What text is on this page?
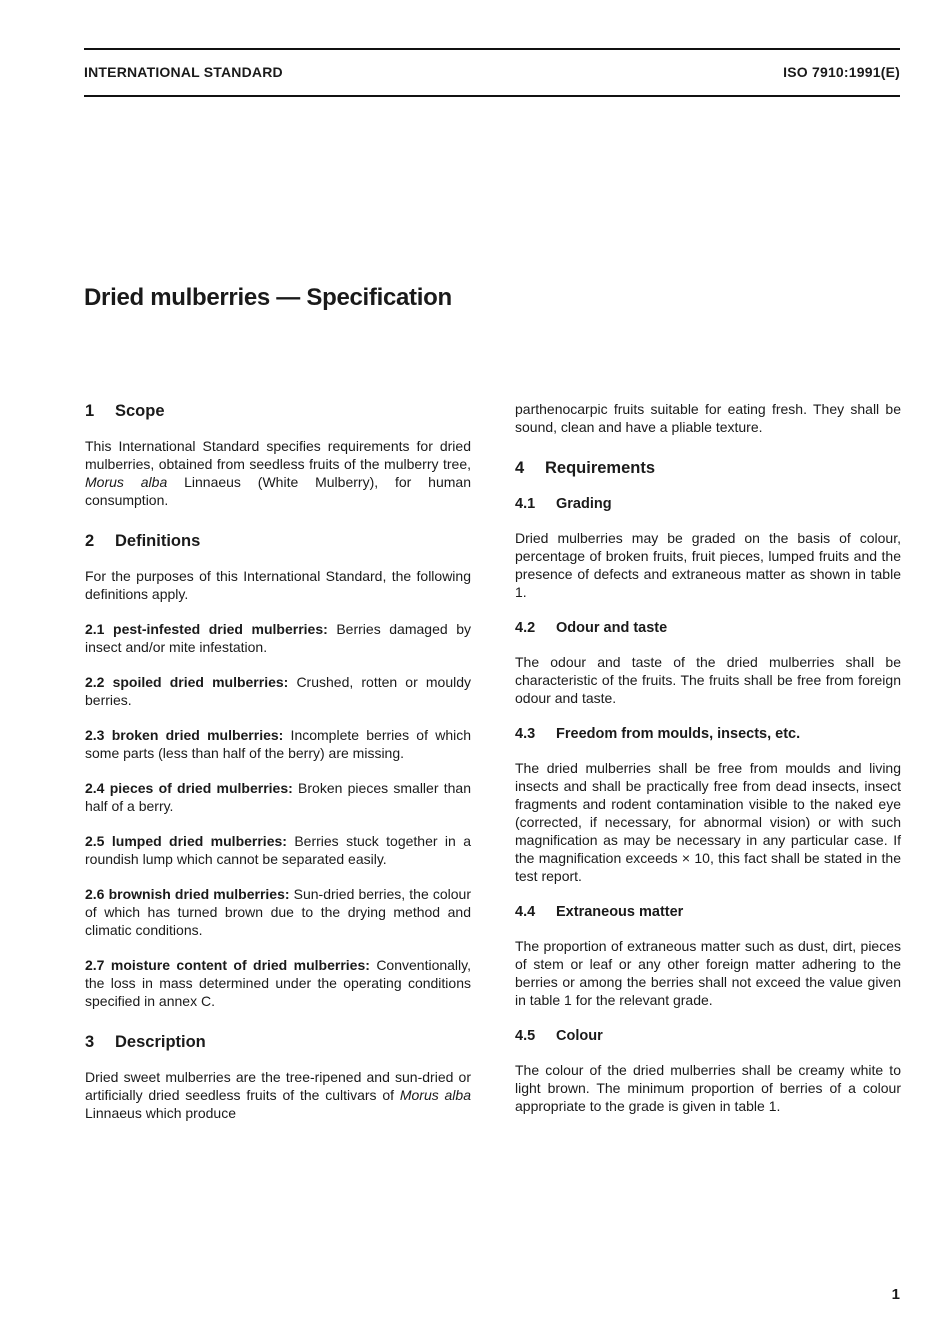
INTERNATIONAL STANDARD	ISO 7910:1991(E)
Dried mulberries — Specification
1 Scope

This International Standard specifies requirements for dried mulberries, obtained from seedless fruits of the mulberry tree, Morus alba Linnaeus (White Mulberry), for human consumption.

2 Definitions

For the purposes of this International Standard, the following definitions apply.

2.1 pest-infested dried mulberries: Berries damaged by insect and/or mite infestation.

2.2 spoiled dried mulberries: Crushed, rotten or mouldy berries.

2.3 broken dried mulberries: Incomplete berries of which some parts (less than half of the berry) are missing.

2.4 pieces of dried mulberries: Broken pieces smaller than half of a berry.

2.5 lumped dried mulberries: Berries stuck together in a roundish lump which cannot be separated easily.

2.6 brownish dried mulberries: Sun-dried berries, the colour of which has turned brown due to the drying method and climatic conditions.

2.7 moisture content of dried mulberries: Conventionally, the loss in mass determined under the operating conditions specified in annex C.

3 Description

Dried sweet mulberries are the tree-ripened and sun-dried or artificially dried seedless fruits of the cultivars of Morus alba Linnaeus which produce

parthenocarpic fruits suitable for eating fresh. They shall be sound, clean and have a pliable texture.

4 Requirements
4.1 Grading

Dried mulberries may be graded on the basis of colour, percentage of broken fruits, fruit pieces, lumped fruits and the presence of defects and extraneous matter as shown in table 1.

4.2 Odour and taste

The odour and taste of the dried mulberries shall be characteristic of the fruits. The fruits shall be free from foreign odour and taste.

4.3 Freedom from moulds, insects, etc.

The dried mulberries shall be free from moulds and living insects and shall be practically free from dead insects, insect fragments and rodent contamination visible to the naked eye (corrected, if necessary, for abnormal vision) or with such magnification as may be necessary in any particular case. If the magnification exceeds × 10, this fact shall be stated in the test report.

4.4 Extraneous matter

The proportion of extraneous matter such as dust, dirt, pieces of stem or leaf or any other foreign matter adhering to the berries or among the berries shall not exceed the value given in table 1 for the relevant grade.

4.5 Colour

The colour of the dried mulberries shall be creamy white to light brown. The minimum proportion of berries of a colour appropriate to the grade is given in table 1.

1
